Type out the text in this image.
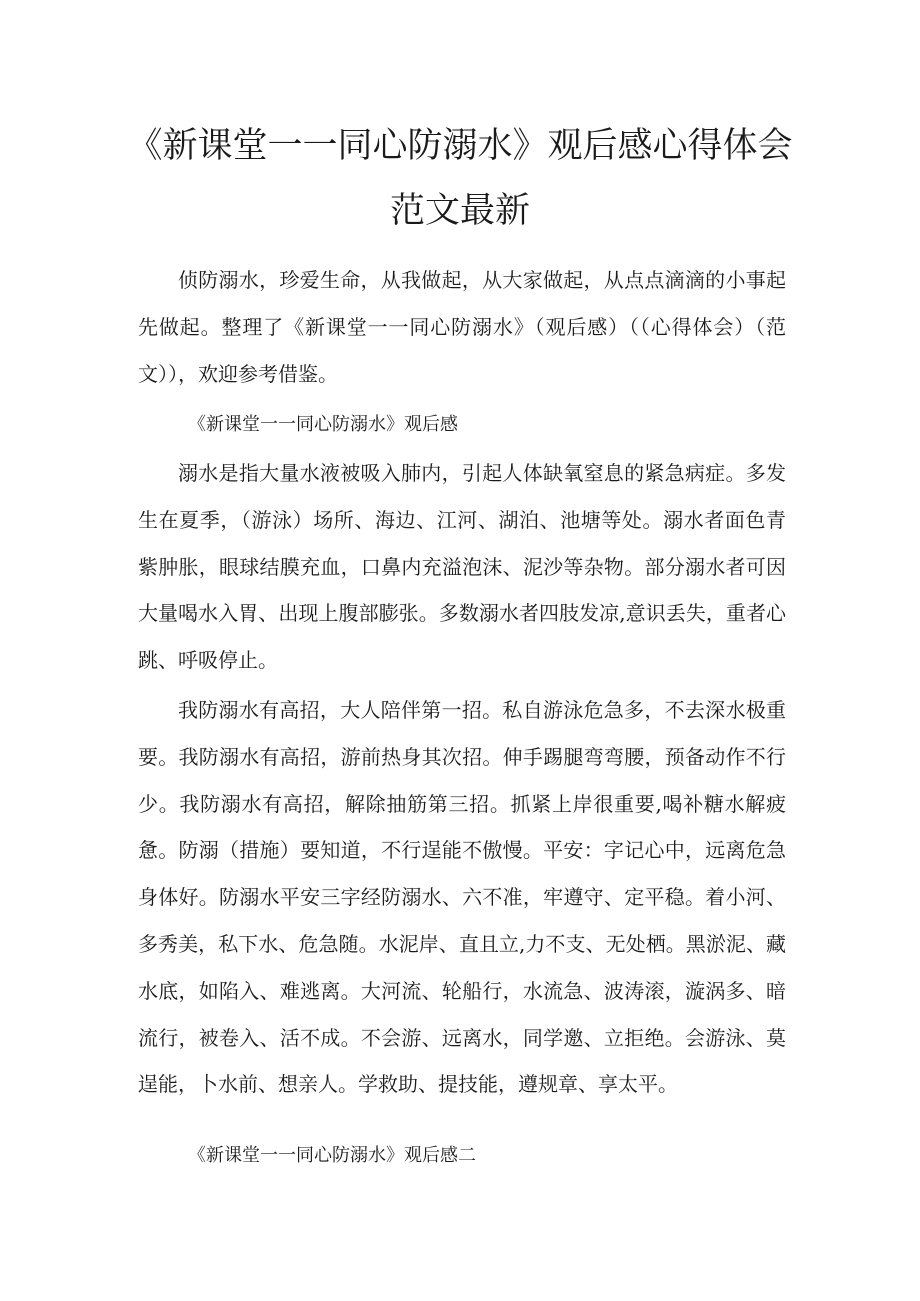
《新课堂一一同心防溺水》观后感心得体会
范文最新

侦防溺水，珍爱生命，从我做起，从大家做起，从点点滴滴的小事起先做起。整理了《新课堂一一同心防溺水》（观后感）（（心得体会）（范文）），欢迎参考借鉴。

《新课堂一一同心防溺水》观后感

溺水是指大量水液被吸入肺内，引起人体缺氧窒息的紧急病症。多发生在夏季，（游泳）场所、海边、江河、湖泊、池塘等处。溺水者面色青紫肿胀，眼球结膜充血，口鼻内充溢泡沫、泥沙等杂物。部分溺水者可因大量喝水入胃、出现上腹部膨张。多数溺水者四肢发凉,意识丢失，重者心跳、呼吸停止。

我防溺水有高招，大人陪伴第一招。私自游泳危急多，不去深水极重要。我防溺水有高招，游前热身其次招。伸手踢腿弯弯腰，预备动作不行少。我防溺水有高招，解除抽筋第三招。抓紧上岸很重要,喝补糖水解疲惫。防溺（措施）要知道，不行逞能不傲慢。平安：字记心中，远离危急身体好。防溺水平安三字经防溺水、六不准，牢遵守、定平稳。着小河、多秀美，私下水、危急随。水泥岸、直且立,力不支、无处栖。黑淤泥、藏水底，如陷入、难逃离。大河流、轮船行，水流急、波涛滚，漩涡多、暗流行，被卷入、活不成。不会游、远离水，同学邀、立拒绝。会游泳、莫逞能，卜水前、想亲人。学救助、提技能，遵规章、享太平。

《新课堂一一同心防溺水》观后感二
